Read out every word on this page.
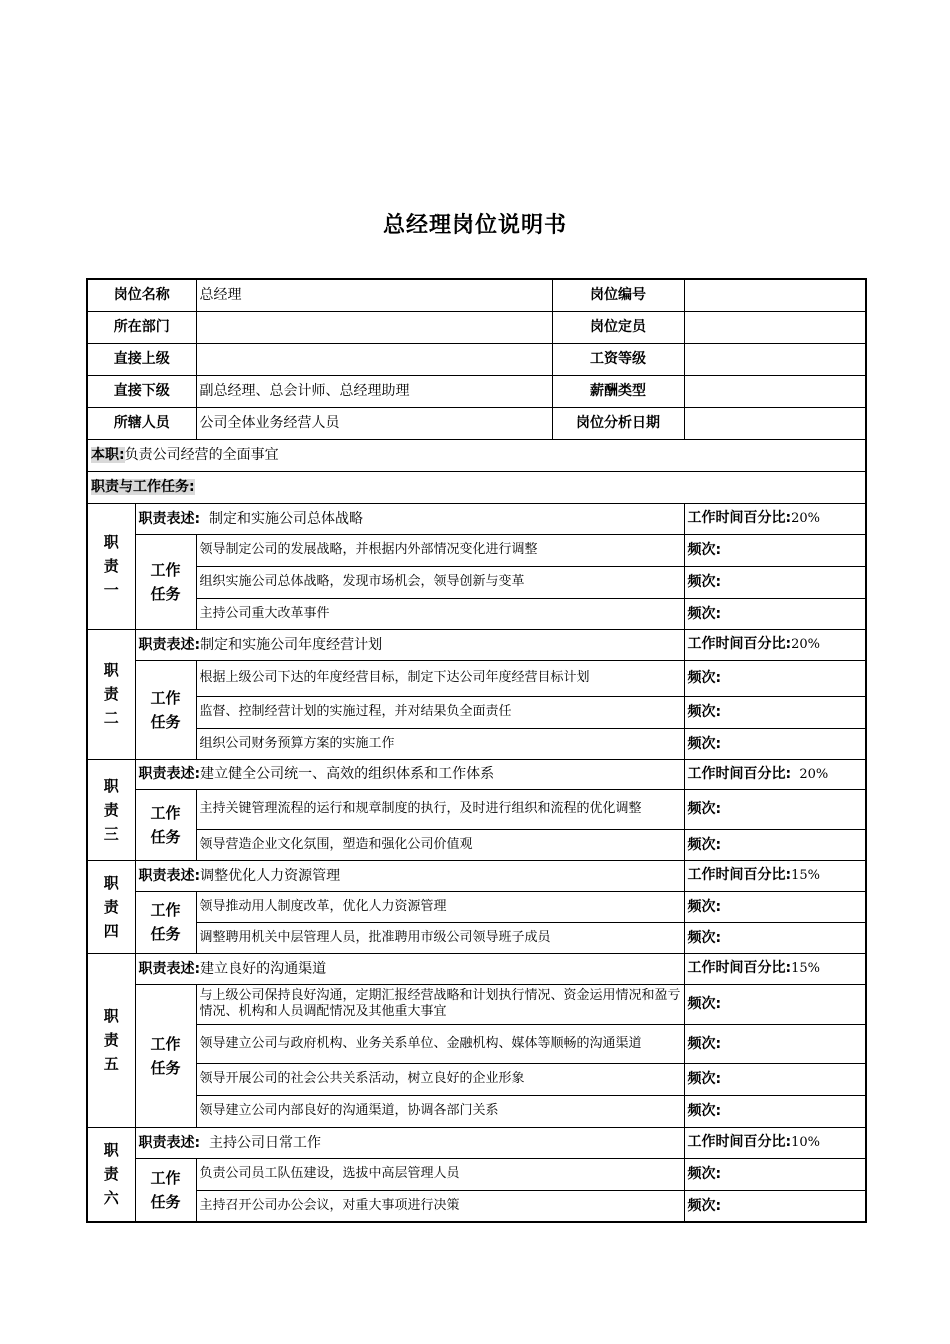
总经理岗位说明书
岗位名称		总经理	岗位编号	
所在部门			岗位定员	
直接上级			工资等级	
直接下级		副总经理、总会计师、总经理助理	薪酬类型	
所辖人员		公司全体业务经营人员	岗位分析日期	
本职:负责公司经营的全面事宜				
职责与工作任务:				

职
责
一	职责表述:  制定和实施公司总体战略			工作时间百分比:20%

	工作
任务	领导制定公司的发展战略，并根据内外部情况变化进行调整		频次:
		组织实施公司总体战略，发现市场机会，领导创新与变革		频次:
		主持公司重大改革事件		频次:

职
责
二	职责表述:制定和实施公司年度经营计划			工作时间百分比:20%

	工作
任务	根据上级公司下达的年度经营目标，制定下达公司年度经营目标计划		频次:
		监督、控制经营计划的实施过程，并对结果负全面责任		频次:
		组织公司财务预算方案的实施工作		频次:

职
责
三	职责表述:建立健全公司统一、高效的组织体系和工作体系			工作时间百分比:  20%

	工作
任务	主持关键管理流程的运行和规章制度的执行，及时进行组织和流程的优化调整		频次:
		领导营造企业文化氛围，塑造和强化公司价值观		频次:

职
责
四	职责表述:调整优化人力资源管理			工作时间百分比:15%

	工作
任务	领导推动用人制度改革，优化人力资源管理		频次:
		调整聘用机关中层管理人员，批准聘用市级公司领导班子成员		频次:

职
责
五	职责表述:建立良好的沟通渠道			工作时间百分比:15%

	工作
任务	与上级公司保持良好沟通，定期汇报经营战略和计划执行情况、资金运用情况和盈亏情况、机构和人员调配情况及其他重大事宜		频次:
		领导建立公司与政府机构、业务关系单位、金融机构、媒体等顺畅的沟通渠道		频次:
		领导开展公司的社会公共关系活动，树立良好的企业形象		频次:
		领导建立公司内部良好的沟通渠道，协调各部门关系		频次:

职
责
六	职责表述:  主持公司日常工作			工作时间百分比:10%

	工作
任务	负责公司员工队伍建设，选拔中高层管理人员		频次:
		主持召开公司办公会议，对重大事项进行决策		频次:
